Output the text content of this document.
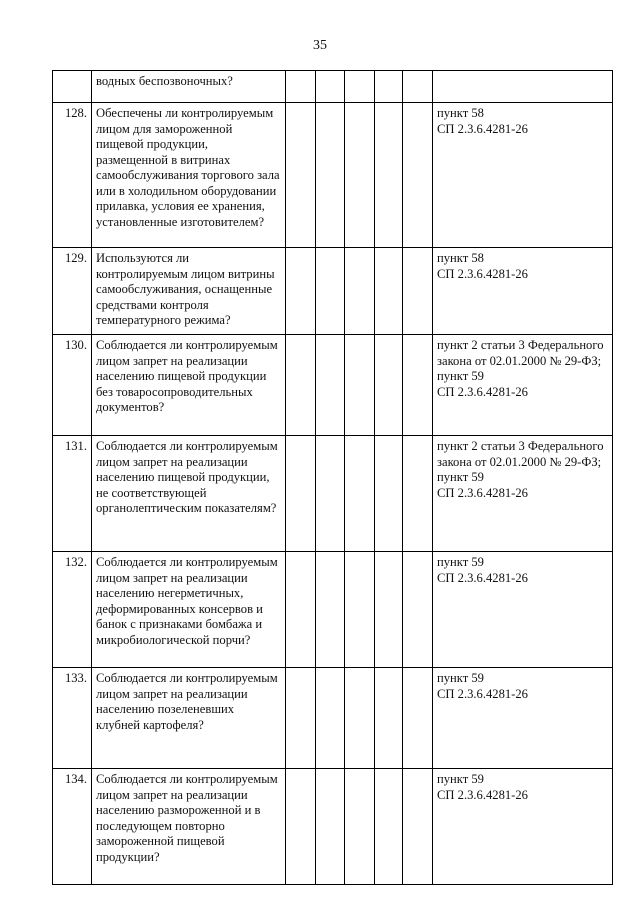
35
	водных беспозвоночных?						
128.	Обеспечены ли контролируемым лицом для замороженной пищевой продукции, размещенной в витринах самообслуживания торгового зала или в холодильном оборудовании прилавка, условия ее хранения, установленные изготовителем?						пункт 58
СП 2.3.6.4281-26
129.	Используются ли контролируемым лицом витрины самообслуживания, оснащенные средствами контроля температурного режима?						пункт 58
СП 2.3.6.4281-26
130.	Соблюдается ли контролируемым лицом запрет на реализации населению пищевой продукции без товаросопроводительных документов?						пункт 2 статьи 3 Федерального закона от 02.01.2000 № 29-ФЗ;
пункт 59
СП 2.3.6.4281-26
131.	Соблюдается ли контролируемым лицом запрет на реализации населению пищевой продукции, не соответствующей органолептическим показателям?						пункт 2 статьи 3 Федерального закона от 02.01.2000 № 29-ФЗ;
пункт 59
СП 2.3.6.4281-26
132.	Соблюдается ли контролируемым лицом запрет на реализации населению негерметичных, деформированных консервов и банок с признаками бомбажа и микробиологической порчи?						пункт 59
СП 2.3.6.4281-26
133.	Соблюдается ли контролируемым лицом запрет на реализации населению позеленевших клубней картофеля?						пункт 59
СП 2.3.6.4281-26
134.	Соблюдается ли контролируемым лицом запрет на реализации населению размороженной и в последующем повторно замороженной пищевой продукции?						пункт 59
СП 2.3.6.4281-26
